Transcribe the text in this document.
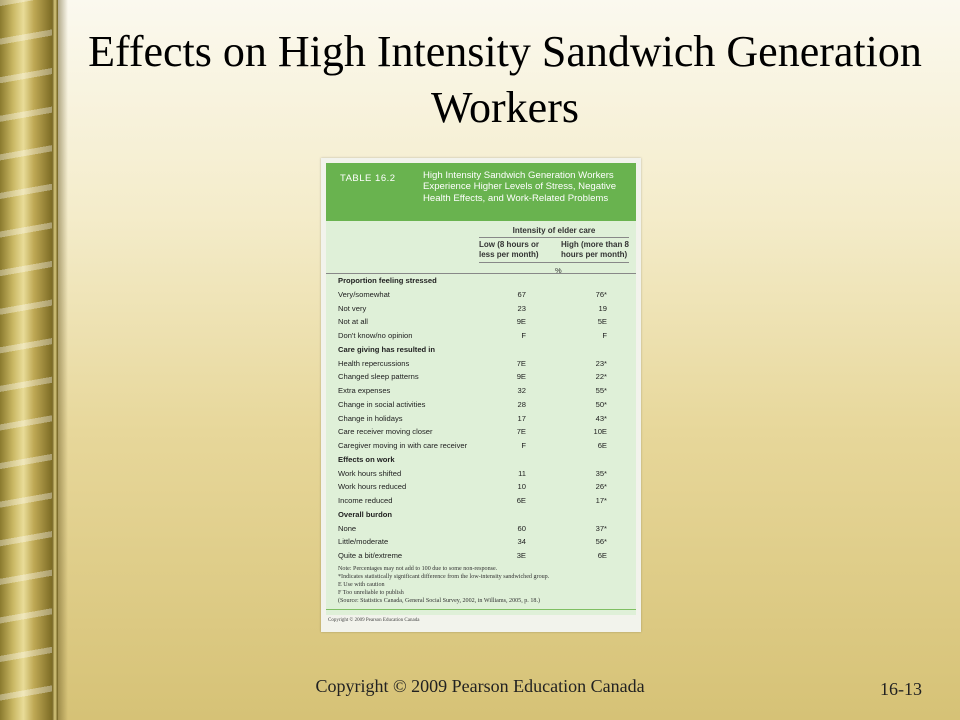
Effects on High Intensity Sandwich Generation Workers
TABLE 16.2	High Intensity Sandwich Generation Workers Experience Higher Levels of Stress, Negative Health Effects, and Work-Related Problems
Intensity of elder care
Low (8 hours or less per month)
High (more than 8 hours per month)
%
Proportion feeling stressed
Very/somewhat	67	76*
Not very	23	19
Not at all	9E	5E
Don't know/no opinion	F	F
Care giving has resulted in
Health repercussions	7E	23*
Changed sleep patterns	9E	22*
Extra expenses	32	55*
Change in social activities	28	50*
Change in holidays	17	43*
Care receiver moving closer	7E	10E
Caregiver moving in with care receiver	F	6E
Effects on work
Work hours shifted	11	35*
Work hours reduced	10	26*
Income reduced	6E	17*
Overall burdon
None	60	37*
Little/moderate	34	56*
Quite a bit/extreme	3E	6E
Note: Percentages may not add to 100 due to some non-response.
*Indicates statistically significant difference from the low-intensity sandwiched group.
E Use with caution
F Too unreliable to publish
(Source: Statistics Canada, General Social Survey, 2002, in Williams, 2005, p. 18.)
Copyright © 2009 Pearson Education Canada
Copyright © 2009 Pearson Education Canada	16-13
